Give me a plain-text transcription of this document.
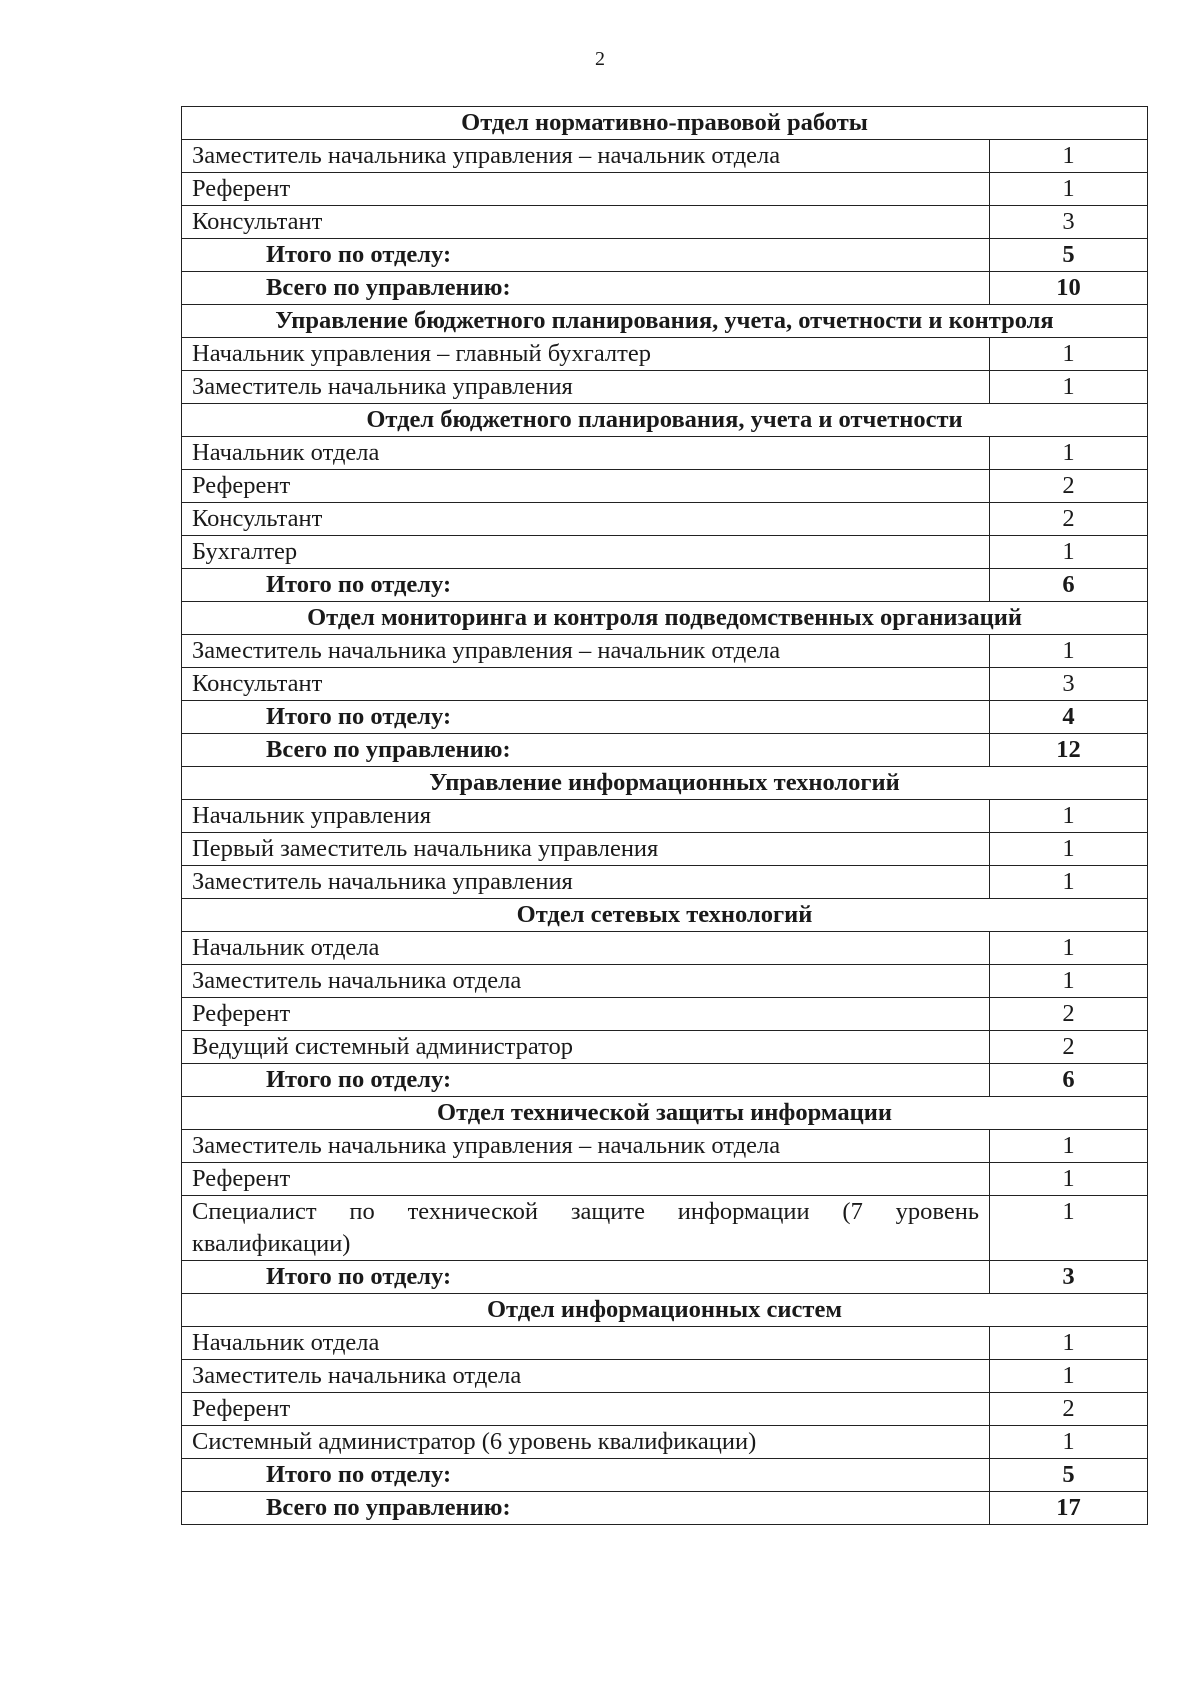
2
Отдел нормативно-правовой работы	
Заместитель начальника управления – начальник отдела	1
Референт	1
Консультант	3
Итого по отделу:	5
Всего по управлению:	10
Управление бюджетного планирования, учета, отчетности и контроля	
Начальник управления – главный бухгалтер	1
Заместитель начальника управления	1
Отдел бюджетного планирования, учета и отчетности	
Начальник отдела	1
Референт	2
Консультант	2
Бухгалтер	1
Итого по отделу:	6
Отдел мониторинга и контроля подведомственных организаций	
Заместитель начальника управления – начальник отдела	1
Консультант	3
Итого по отделу:	4
Всего по управлению:	12
Управление информационных технологий	
Начальник управления	1
Первый заместитель начальника управления	1
Заместитель начальника управления	1
Отдел сетевых технологий	
Начальник отдела	1
Заместитель начальника отдела	1
Референт	2
Ведущий системный администратор	2
Итого по отделу:	6
Отдел технической защиты информации	
Заместитель начальника управления – начальник отдела	1
Референт	1
Специалист по технической защите информации (7 уровень квалификации)	1
Итого по отделу:	3
Отдел информационных систем	
Начальник отдела	1
Заместитель начальника отдела	1
Референт	2
Системный администратор (6 уровень квалификации)	1
Итого по отделу:	5
Всего по управлению:	17
